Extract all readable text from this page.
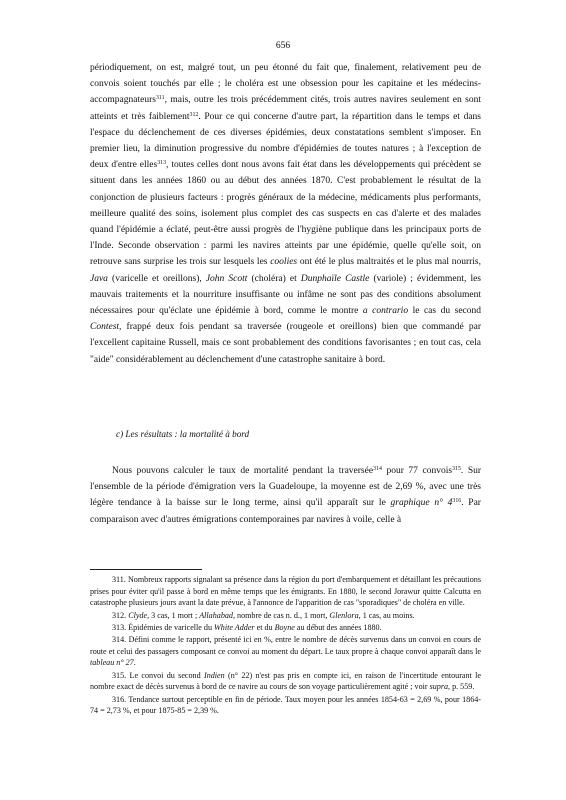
656

périodiquement, on est, malgré tout, un peu étonné du fait que, finalement, relativement peu de convois soient touchés par elle ; le choléra est une obsession pour les capitaine et les médecins-accompagnateurs$^{311}$, mais, outre les trois précédemment cités, trois autres navires seulement en sont atteints et très faiblement$^{312}$. Pour ce qui concerne d'autre part, la répartition dans le temps et dans l'espace du déclenchement de ces diverses épidémies, deux constatations semblent s'imposer. En premier lieu, la diminution progressive du nombre d'épidémies de toutes natures ; à l'exception de deux d'entre elles$^{313}$, toutes celles dont nous avons fait état dans les développements qui précèdent se situent dans les années 1860 ou au début des années 1870. C'est probablement le résultat de la conjonction de plusieurs facteurs : progrès généraux de la médecine, médicaments plus performants, meilleure qualité des soins, isolement plus complet des cas suspects en cas d'alerte et des malades quand l'épidémie a éclaté, peut-être aussi progrès de l'hygiène publique dans les principaux ports de l'Inde. Seconde observation : parmi les navires atteints par une épidémie, quelle qu'elle soit, on retrouve sans surprise les trois sur lesquels les coolies ont été le plus maltraités et le plus mal nourris, Java (varicelle et oreillons), John Scott (choléra) et Dunphaïle Castle (variole) ; évidemment, les mauvais traitements et la nourriture insuffisante ou infâme ne sont pas des conditions absolument nécessaires pour qu'éclate une épidémie à bord, comme le montre a contrario le cas du second Contest, frappé deux fois pendant sa traversée (rougeole et oreillons) bien que commandé par l'excellent capitaine Russell, mais ce sont probablement des conditions favorisantes ; en tout cas, cela "aide" considérablement au déclenchement d'une catastrophe sanitaire à bord.

c) Les résultats : la mortalité à bord

Nous pouvons calculer le taux de mortalité pendant la traversée$^{314}$ pour 77 convois$^{315}$. Sur l'ensemble de la période d'émigration vers la Guadeloupe, la moyenne est de 2,69 %, avec une très légère tendance à la baisse sur le long terme, ainsi qu'il apparaît sur le graphique n° $4^{316}$. Par comparaison avec d'autres émigrations contemporaines par navires à voile, celle à

311. Nombreux rapports signalant sa présence dans la région du port d'embarquement et détaillant les précautions prises pour éviter qu'il passe à bord en même temps que les émigrants. En 1880, le second Jorawur quitte Calcutta en catastrophe plusieurs jours avant la date prévue, à l'annonce de l'apparition de cas "sporadiques" de choléra en ville.

312. Clyde, 3 cas, 1 mort ; Allahabad, nombre de cas n. d., 1 mort, Glenlora, 1 cas, au moins.

313. Épidémies de varicelle du White Adder et du Boyne au début des années 1880.

314. Défini comme le rapport, présenté ici en %, entre le nombre de décès survenus dans un convoi en cours de route et celui des passagers composant ce convoi au moment du départ. Le taux propre à chaque convoi apparaît dans le tableau n° 27.

315. Le convoi du second Indien (n° 22) n'est pas pris en compte ici, en raison de l'incertitude entourant le nombre exact de décès survenus à bord de ce navire au cours de son voyage particulièrement agité ; voir supra, p. 559.

316. Tendance surtout perceptible en fin de période. Taux moyen pour les années 1854-63 = 2,69 %, pour 1864-74 = 2,73 %, et pour 1875-85 = 2,39 %.
